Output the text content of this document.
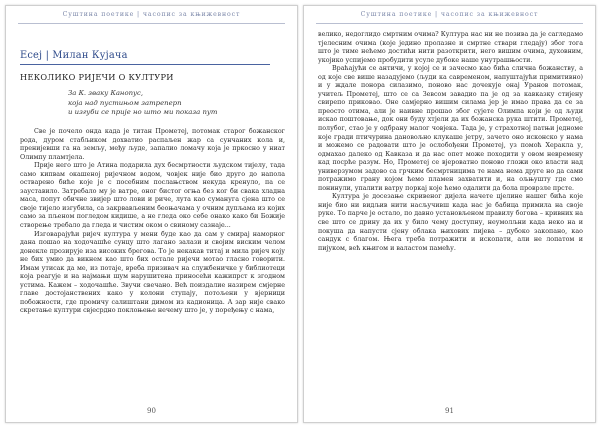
Суштина поетике | часопис за књижевност
Есеј | Милан Кујача
НЕКОЛИКО РИЈЕЧИ О КУЛТУРИ
За К. зваку Канопус,
која над пустињом затреперп
и изгуби се прије но што ми показа пут

Све је почело онда када је титан Прометеј, потомак старог божанског рода, дуром стабљиком дохватио распаљен жар са сунчаних кола и, пренијевши га на земљу, међу људе, запалио ломачу која је пркосно у ниат Олимпу пламтјела.

Прије него што је Атина подарила дух бесмртности људском тијелу, тада само кипвам окашеној ријечном водом, човјек није био друго до напола остварено биће које је с посебним послањством некуда кренуло, па се зауставило. Затребало му је ватре, оног бистог огња без ког би свака хладна маса, попут обичне звијер што лови и риче, лута као сумануга сјена што се своје тијело изгубила, са закрвављеним беоњачама у очним дупљама из којих само за пљеном погледом кидише, а не гледа око себе онако како би Божије створење требало да гледа и чистим оком о свиному сазнаје...

Изговарајући ријеч културa у мени буде као да сам у смирај наморног дана пошао на ходочашће сунцу што лагано залази и својим виским челом донекле прозирује изa високих брегова. То је некакав титаj и мила ријеч коју не бих умио да викнем као што бих остале ријечи мотао гласно говорити. Имам утисак да ме, из потаје, вреба призивач на службеничке у библиотеци која реагује и на најмањи шум нарушитена приносећи кажипрст к згодном устима. Кажем – ходочашће. Звучи свечано. Већ поиздалие назирем смјерне главе достојанствених како у колони ступају, потољени у вјерници побожности, где промичу салиштани димом из кадионица. А зар није свако скретање култури свјесрдно поклоњење нечему што је, у поређењу с нама,

90
Суштина поетике | часопис за књижевност

велико, недоглидо смртним очима? Култура нас ни не позива да је сагледамо тјелесним очима (које једино пролазне и смртне ствари гледају) због тога што је тиме нећемо достићи нити разоткрити, него вишим очима, духовним, укојико успијемо пробудити усуле дубоке наше унутрашњости.

Враћајући се античи, у којој се и зачесмо као бића слична божанству, а од које све више назадујемо (људи ка савременом, напуштајући примитивно) и у ждале понора силазимо, поново нас дочекује онај Уранов потомак, учитељ Прометеј, што се са Зевсом завадио па је од за кавказку стијену свирепо приковао. Оне самјерно вишим силама јер је имао права да се за преосто отима, али је наивне прошао због сујете Олимпа који је од људи искао поштовање, док они буду хтјели да их божанска рука штити. Прометеј, полубог, стао је у одбрану малог човјека. Тада је, у страхотној патњи једноме које гради птичурина дановољно клукаше јетру, зачето оно исконско у нама и можемо се радовати што је ослобођени Прометеј, уз помоћ Херакла у, одмахао далеко од Кавказа и да нас опет може походити у овом невремену кад посрће разум. Но, Прометеј се вјероватно поново гложи око власти над универзумом задово са грчким бесмртницима те нама нема друге но да сами потражимо грану којом ћемо пламен захватити и, на ољњушту где смо понинули, упалити ватру поркај које ћемо одалити да бола проврзле прсте.

Култура је досезање скривеног дијела начете цјелине нашег бића које није био ни видљив нити насључивш када нас је бабица примила на своје руке. То парче је остало, по давно установљеном правилу богова – кривних на све што се дрину да их у било чему доступну, неумолљни када неко на и покуша да напусти сјену облака њихових пијева – дубоко закопано, као сандук с благом. Њега треба потражити и ископати, али не лопатом и пијуком, већ књигом и валастом памећу.

91
